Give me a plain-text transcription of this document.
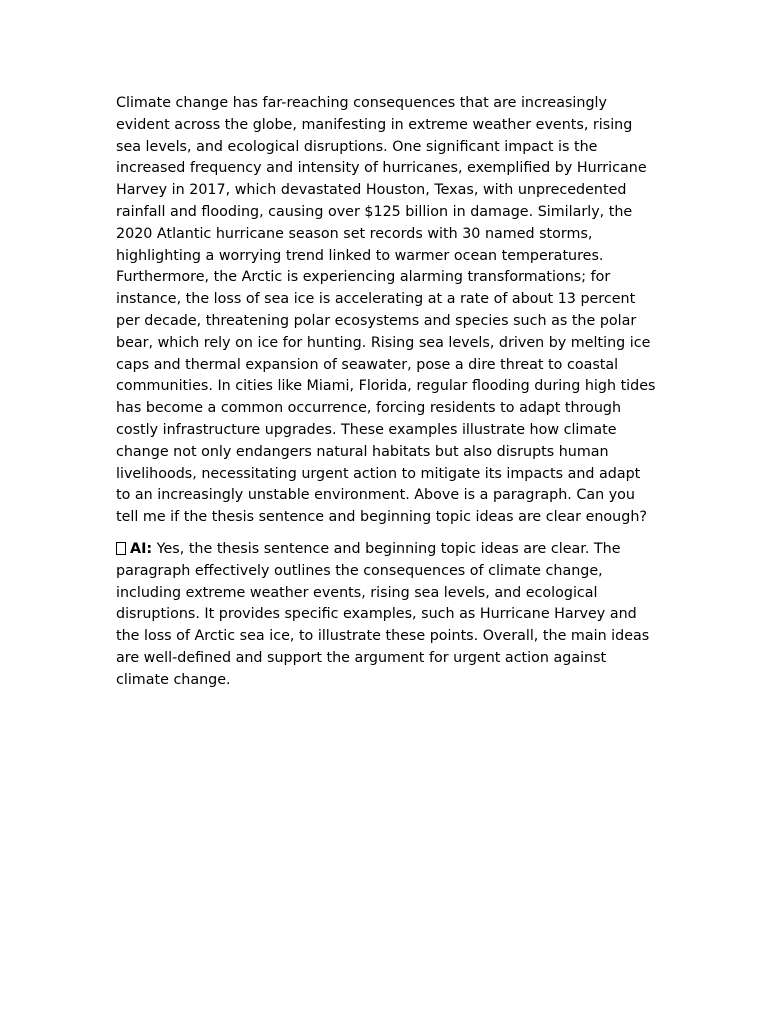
Climate change has far-reaching consequences that are increasingly evident across the globe, manifesting in extreme weather events, rising sea levels, and ecological disruptions. One significant impact is the increased frequency and intensity of hurricanes, exemplified by Hurricane Harvey in 2017, which devastated Houston, Texas, with unprecedented rainfall and flooding, causing over $125 billion in damage. Similarly, the 2020 Atlantic hurricane season set records with 30 named storms, highlighting a worrying trend linked to warmer ocean temperatures. Furthermore, the Arctic is experiencing alarming transformations; for instance, the loss of sea ice is accelerating at a rate of about 13 percent per decade, threatening polar ecosystems and species such as the polar bear, which rely on ice for hunting. Rising sea levels, driven by melting ice caps and thermal expansion of seawater, pose a dire threat to coastal communities. In cities like Miami, Florida, regular flooding during high tides has become a common occurrence, forcing residents to adapt through costly infrastructure upgrades. These examples illustrate how climate change not only endangers natural habitats but also disrupts human livelihoods, necessitating urgent action to mitigate its impacts and adapt to an increasingly unstable environment. Above is a paragraph. Can you tell me if the thesis sentence and beginning topic ideas are clear enough?

AI: Yes, the thesis sentence and beginning topic ideas are clear. The paragraph effectively outlines the consequences of climate change, including extreme weather events, rising sea levels, and ecological disruptions. It provides specific examples, such as Hurricane Harvey and the loss of Arctic sea ice, to illustrate these points. Overall, the main ideas are well-defined and support the argument for urgent action against climate change.
